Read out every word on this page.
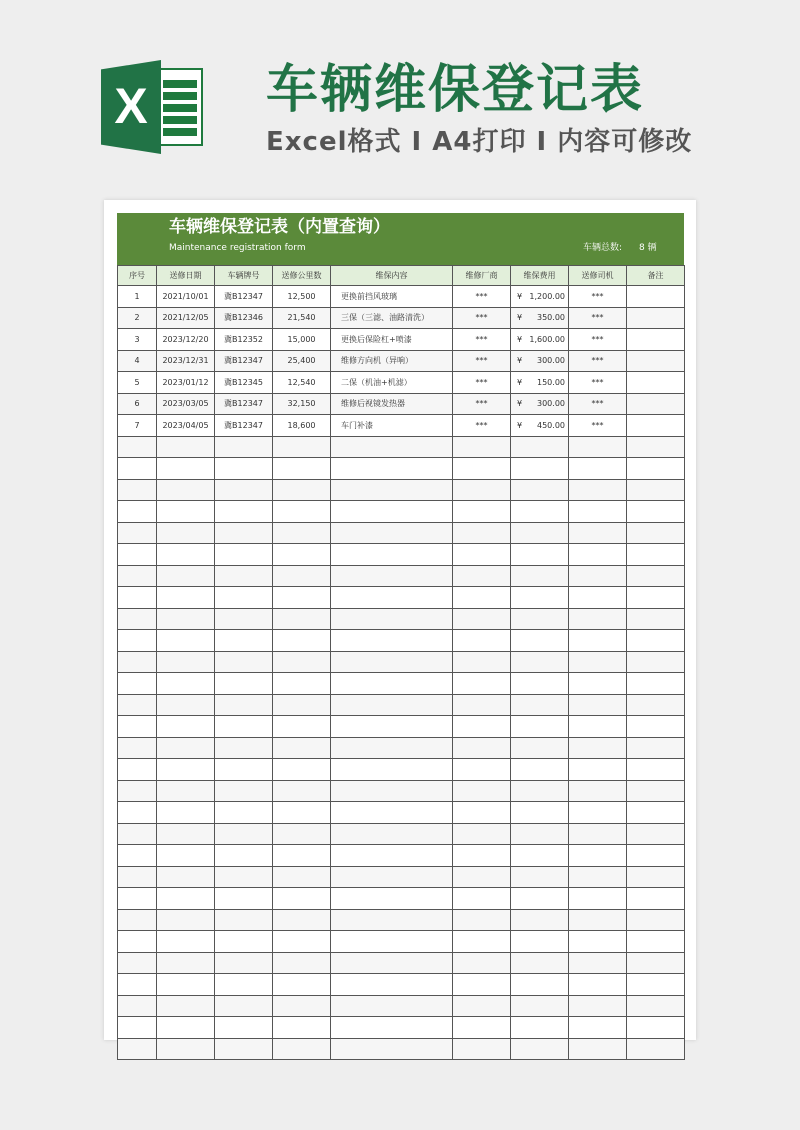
X 车辆维保登记表
Excel格式 I A4打印 I 内容可修改
车辆维保登记表（内置查询）
Maintenance registration form	车辆总数: 8 辆
序号	送修日期	车辆牌号	送修公里数	维保内容	维修厂商	维保费用	送修司机	备注
1	2021/10/01	冀B12347	12,500	更换前挡风玻璃	***	¥ 1,200.00	***	
2	2021/12/05	冀B12346	21,540	三保（三滤、油路清洗）	***	¥ 350.00	***	
3	2023/12/20	冀B12352	15,000	更换后保险杠+喷漆	***	¥ 1,600.00	***	
4	2023/12/31	冀B12347	25,400	维修方向机（异响）	***	¥ 300.00	***	
5	2023/01/12	冀B12345	12,540	二保（机油+机滤）	***	¥ 150.00	***	
6	2023/03/05	冀B12347	32,150	维修后视镜发热器	***	¥ 300.00	***	
7	2023/04/05	冀B12347	18,600	车门补漆	***	¥ 450.00	***	
